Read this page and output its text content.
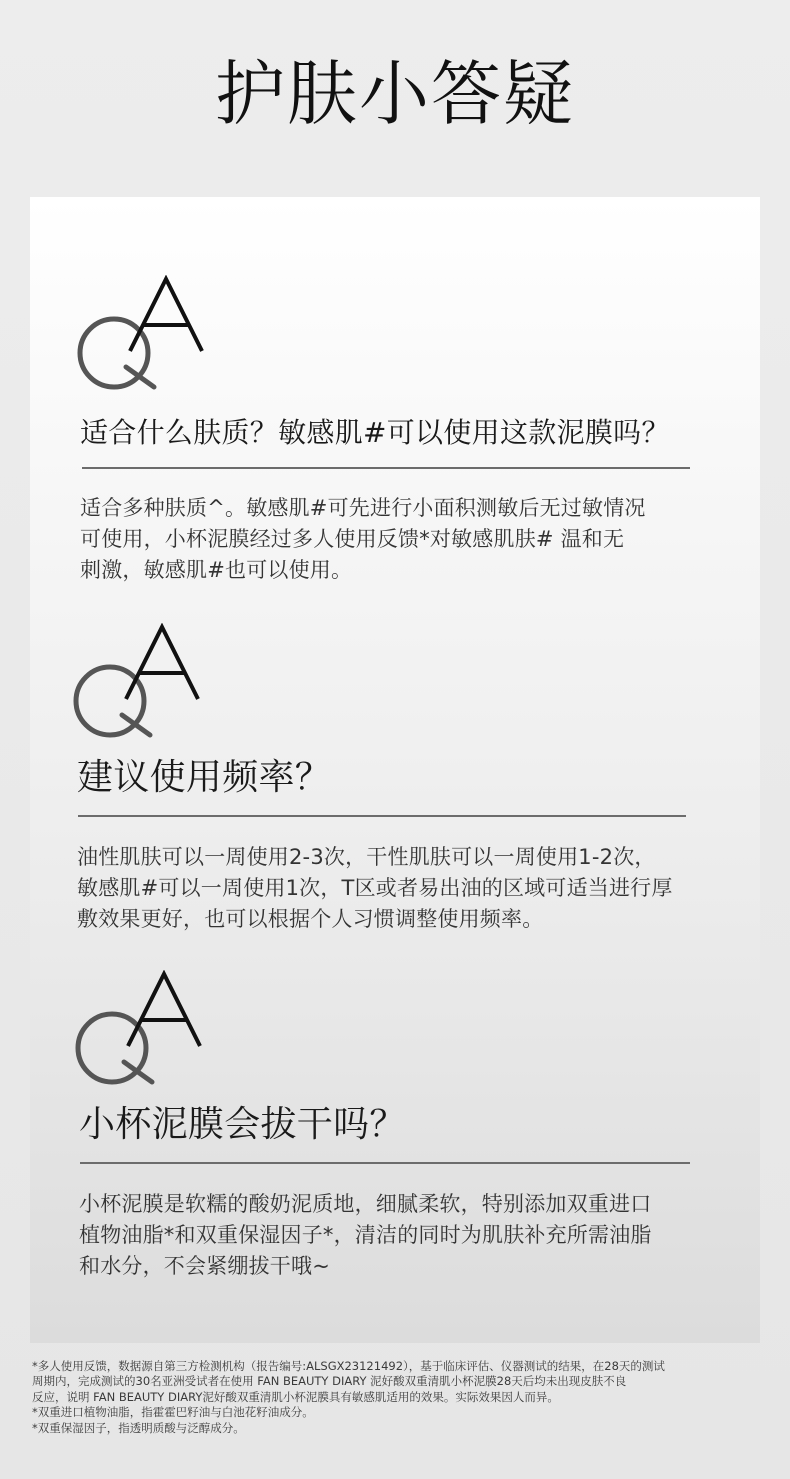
护肤小答疑
适合什么肤质？敏感肌#可以使用这款泥膜吗？
适合多种肤质^。敏感肌#可先进行小面积测敏后无过敏情况
可使用，小杯泥膜经过多人使用反馈*对敏感肌肤# 温和无
刺激，敏感肌#也可以使用。
建议使用频率？
油性肌肤可以一周使用2-3次，干性肌肤可以一周使用1-2次，
敏感肌#可以一周使用1次，T区或者易出油的区域可适当进行厚
敷效果更好，也可以根据个人习惯调整使用频率。
小杯泥膜会拔干吗？
小杯泥膜是软糯的酸奶泥质地，细腻柔软，特别添加双重进口
植物油脂*和双重保湿因子*，清洁的同时为肌肤补充所需油脂
和水分，不会紧绷拔干哦~
*多人使用反馈，数据源自第三方检测机构（报告编号:ALSGX23121492），基于临床评估、仪器测试的结果，在28天的测试
周期内，完成测试的30名亚洲受试者在使用 FAN BEAUTY DIARY 泥好酸双重清肌小杯泥膜28天后均未出现皮肤不良
反应，说明 FAN BEAUTY DIARY泥好酸双重清肌小杯泥膜具有敏感肌适用的效果。实际效果因人而异。
*双重进口植物油脂，指霍霍巴籽油与白池花籽油成分。
*双重保湿因子，指透明质酸与泛醇成分。
